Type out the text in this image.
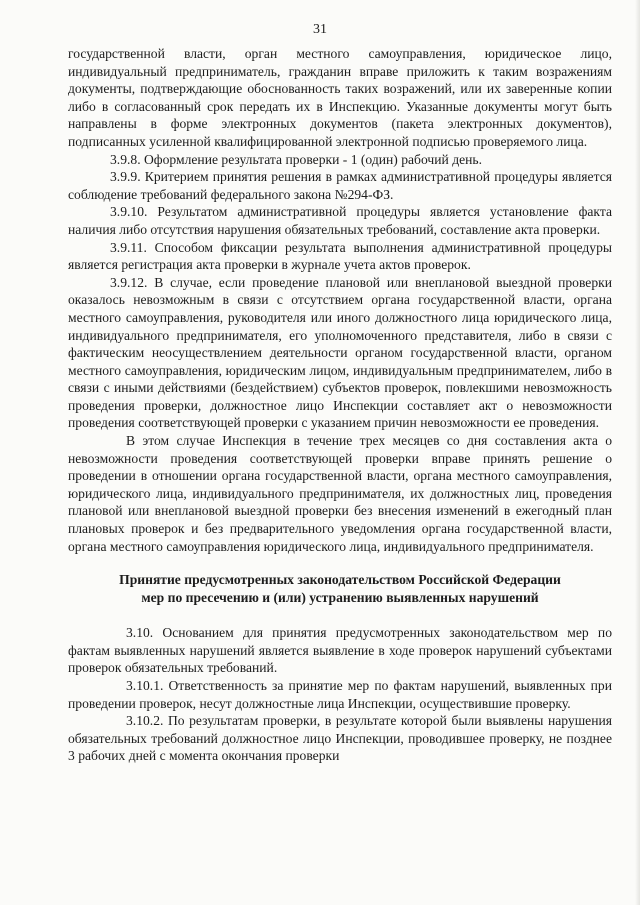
31

государственной власти, орган местного самоуправления, юридическое лицо, индивидуальный предприниматель, гражданин вправе приложить к таким возражениям документы, подтверждающие обоснованность таких возражений, или их заверенные копии либо в согласованный срок передать их в Инспекцию. Указанные документы могут быть направлены в форме электронных документов (пакета электронных документов), подписанных усиленной квалифицированной электронной подписью проверяемого лица.

3.9.8. Оформление результата проверки - 1 (один) рабочий день.

3.9.9. Критерием принятия решения в рамках административной процедуры является соблюдение требований федерального закона №294-ФЗ.

3.9.10. Результатом административной процедуры является установление факта наличия либо отсутствия нарушения обязательных требований, составление акта проверки.

3.9.11. Способом фиксации результата выполнения административной процедуры является регистрация акта проверки в журнале учета актов проверок.

3.9.12. В случае, если проведение плановой или внеплановой выездной проверки оказалось невозможным в связи с отсутствием органа государственной власти, органа местного самоуправления, руководителя или иного должностного лица юридического лица, индивидуального предпринимателя, его уполномоченного представителя, либо в связи с фактическим неосуществлением деятельности органом государственной власти, органом местного самоуправления, юридическим лицом, индивидуальным предпринимателем, либо в связи с иными действиями (бездействием) субъектов проверок, повлекшими невозможность проведения проверки, должностное лицо Инспекции составляет акт о невозможности проведения соответствующей проверки с указанием причин невозможности ее проведения.

В этом случае Инспекция в течение трех месяцев со дня составления акта о невозможности проведения соответствующей проверки вправе принять решение о проведении в отношении органа государственной власти, органа местного самоуправления, юридического лица, индивидуального предпринимателя, их должностных лиц, проведения плановой или внеплановой выездной проверки без внесения изменений в ежегодный план плановых проверок и без предварительного уведомления органа государственной власти, органа местного самоуправления юридического лица, индивидуального предпринимателя.

Принятие предусмотренных законодательством Российской Федерации
мер по пресечению и (или) устранению выявленных нарушений

3.10. Основанием для принятия предусмотренных законодательством мер по фактам выявленных нарушений является выявление в ходе проверок нарушений субъектами проверок обязательных требований.

3.10.1. Ответственность за принятие мер по фактам нарушений, выявленных при проведении проверок, несут должностные лица Инспекции, осуществившие проверку.

3.10.2. По результатам проверки, в результате которой были выявлены нарушения обязательных требований должностное лицо Инспекции, проводившее проверку, не позднее 3 рабочих дней с момента окончания проверки
